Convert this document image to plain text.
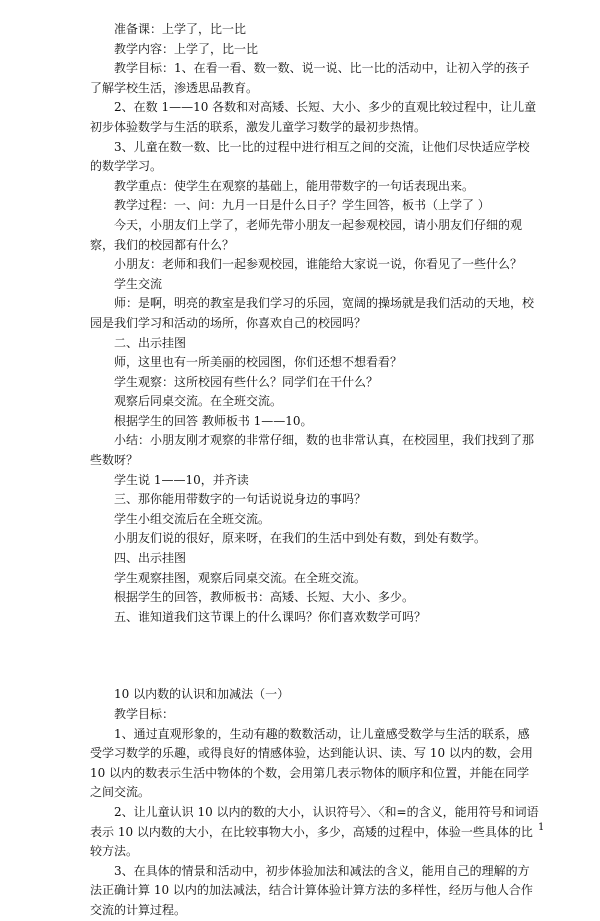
准备课：上学了，比一比

教学内容：上学了，比一比

教学目标：1、在看一看、数一数、说一说、比一比的活动中，让初入学的孩子了解学校生活，渗透思品教育。

2、在数 1——10 各数和对高矮、长短、大小、多少的直观比较过程中，让儿童初步体验数学与生活的联系，激发儿童学习数学的最初步热情。

3、儿童在数一数、比一比的过程中进行相互之间的交流，让他们尽快适应学校的数学学习。

教学重点：使学生在观察的基础上，能用带数字的一句话表现出来。

教学过程：一、问：九月一日是什么日子？学生回答，板书（上学了 ）

今天，小朋友们上学了，老师先带小朋友一起参观校园，请小朋友们仔细的观察，我们的校园都有什么？

小朋友：老师和我们一起参观校园，谁能给大家说一说，你看见了一些什么？

学生交流

师：是啊，明亮的教室是我们学习的乐园，宽阔的操场就是我们活动的天地，校园是我们学习和活动的场所，你喜欢自己的校园吗？

二、出示挂图

师，这里也有一所美丽的校园图，你们还想不想看看？

学生观察：这所校园有些什么？同学们在干什么？

观察后同桌交流。在全班交流。

根据学生的回答 教师板书 1——10。

小结：小朋友刚才观察的非常仔细，数的也非常认真，在校园里，我们找到了那些数呀？

学生说 1——10，并齐读

三、那你能用带数字的一句话说说身边的事吗？

学生小组交流后在全班交流。

小朋友们说的很好，原来呀，在我们的生活中到处有数，到处有数学。

四、出示挂图

学生观察挂图，观察后同桌交流。在全班交流。

根据学生的回答，教师板书：高矮、长短、大小、多少。

五、谁知道我们这节课上的什么课吗？你们喜欢数学可吗？

10 以内数的认识和加减法（一）

教学目标：

1、通过直观形象的，生动有趣的数数活动，让儿童感受数学与生活的联系，感受学习数学的乐趣，或得良好的情感体验，达到能认识、读、写 10 以内的数，会用 10 以内的数表示生活中物体的个数，会用第几表示物体的顺序和位置，并能在同学之间交流。

2、让儿童认识 10 以内的数的大小，认识符号〉、〈和=的含义，能用符号和词语表示 10 以内数的大小，在比较事物大小，多少，高矮的过程中，体验一些具体的比较方法。

3、在具体的情景和活动中，初步体验加法和减法的含义，能用自己的理解的方法正确计算 10 以内的加法减法，结合计算体验计算方法的多样性，经历与他人合作交流的计算过程。

1
